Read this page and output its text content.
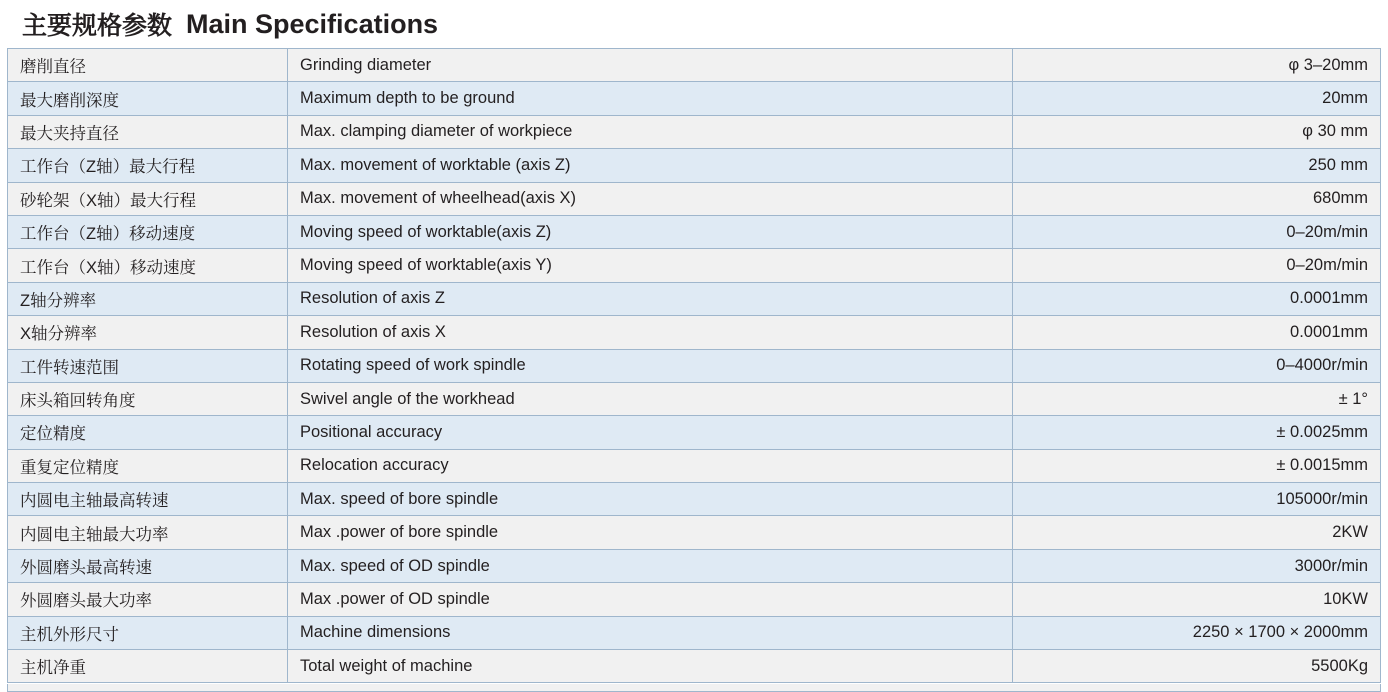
主要规格参数 Main Specifications
磨削直径	Grinding diameter	φ 3–20mm
最大磨削深度	Maximum depth to be ground	20mm
最大夹持直径	Max. clamping diameter of workpiece	φ 30 mm
工作台（Z轴）最大行程	Max. movement of worktable (axis Z)	250 mm
砂轮架（X轴）最大行程	Max. movement of wheelhead(axis X)	680mm
工作台（Z轴）移动速度	Moving speed of worktable(axis Z)	0–20m/min
工作台（X轴）移动速度	Moving speed of worktable(axis Y)	0–20m/min
Z轴分辨率	Resolution of axis Z	0.0001mm
X轴分辨率	Resolution of axis X	0.0001mm
工件转速范围	Rotating speed of work spindle	0–4000r/min
床头箱回转角度	Swivel angle of the workhead	± 1°
定位精度	Positional accuracy	± 0.0025mm
重复定位精度	Relocation accuracy	± 0.0015mm
内圆电主轴最高转速	Max. speed of bore spindle	105000r/min
内圆电主轴最大功率	Max .power of bore spindle	2KW
外圆磨头最高转速	Max. speed of OD spindle	3000r/min
外圆磨头最大功率	Max .power of OD spindle	10KW
主机外形尺寸	Machine dimensions	2250 × 1700 × 2000mm
主机净重	Total weight of machine	5500Kg
